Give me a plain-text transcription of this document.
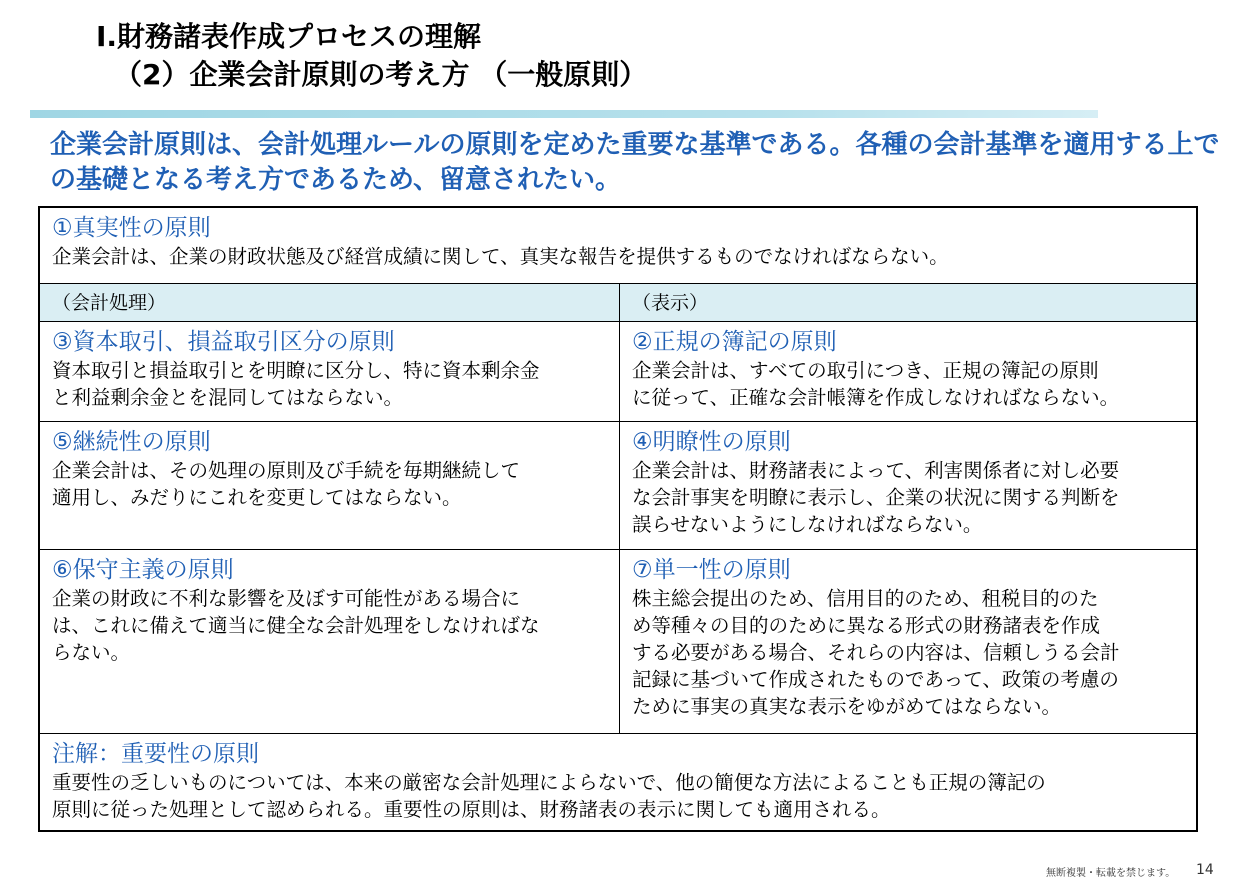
Ⅰ.財務諸表作成プロセスの理解
（2）企業会計原則の考え方 （一般原則）

企業会計原則は、会計処理ルールの原則を定めた重要な基準である。各種の会計基準を適用する上での基礎となる考え方であるため、留意されたい。

①真実性の原則
企業会計は、企業の財政状態及び経営成績に関して、真実な報告を提供するものでなければならない。
（会計処理）	（表示）
③資本取引、損益取引区分の原則
資本取引と損益取引とを明瞭に区分し、特に資本剰余金
と利益剰余金とを混同してはならない。
②正規の簿記の原則
企業会計は、すべての取引につき、正規の簿記の原則
に従って、正確な会計帳簿を作成しなければならない。
⑤継続性の原則
企業会計は、その処理の原則及び手続を毎期継続して
適用し、みだりにこれを変更してはならない。
④明瞭性の原則
企業会計は、財務諸表によって、利害関係者に対し必要
な会計事実を明瞭に表示し、企業の状況に関する判断を
誤らせないようにしなければならない。
⑥保守主義の原則
企業の財政に不利な影響を及ぼす可能性がある場合に
は、これに備えて適当に健全な会計処理をしなければな
らない。
⑦単一性の原則
株主総会提出のため、信用目的のため、租税目的のた
め等種々の目的のために異なる形式の財務諸表を作成
する必要がある場合、それらの内容は、信頼しうる会計
記録に基づいて作成されたものであって、政策の考慮の
ために事実の真実な表示をゆがめてはならない。
注解：重要性の原則
重要性の乏しいものについては、本来の厳密な会計処理によらないで、他の簡便な方法によることも正規の簿記の
原則に従った処理として認められる。重要性の原則は、財務諸表の表示に関しても適用される。
無断複製・転載を禁じます。 14
